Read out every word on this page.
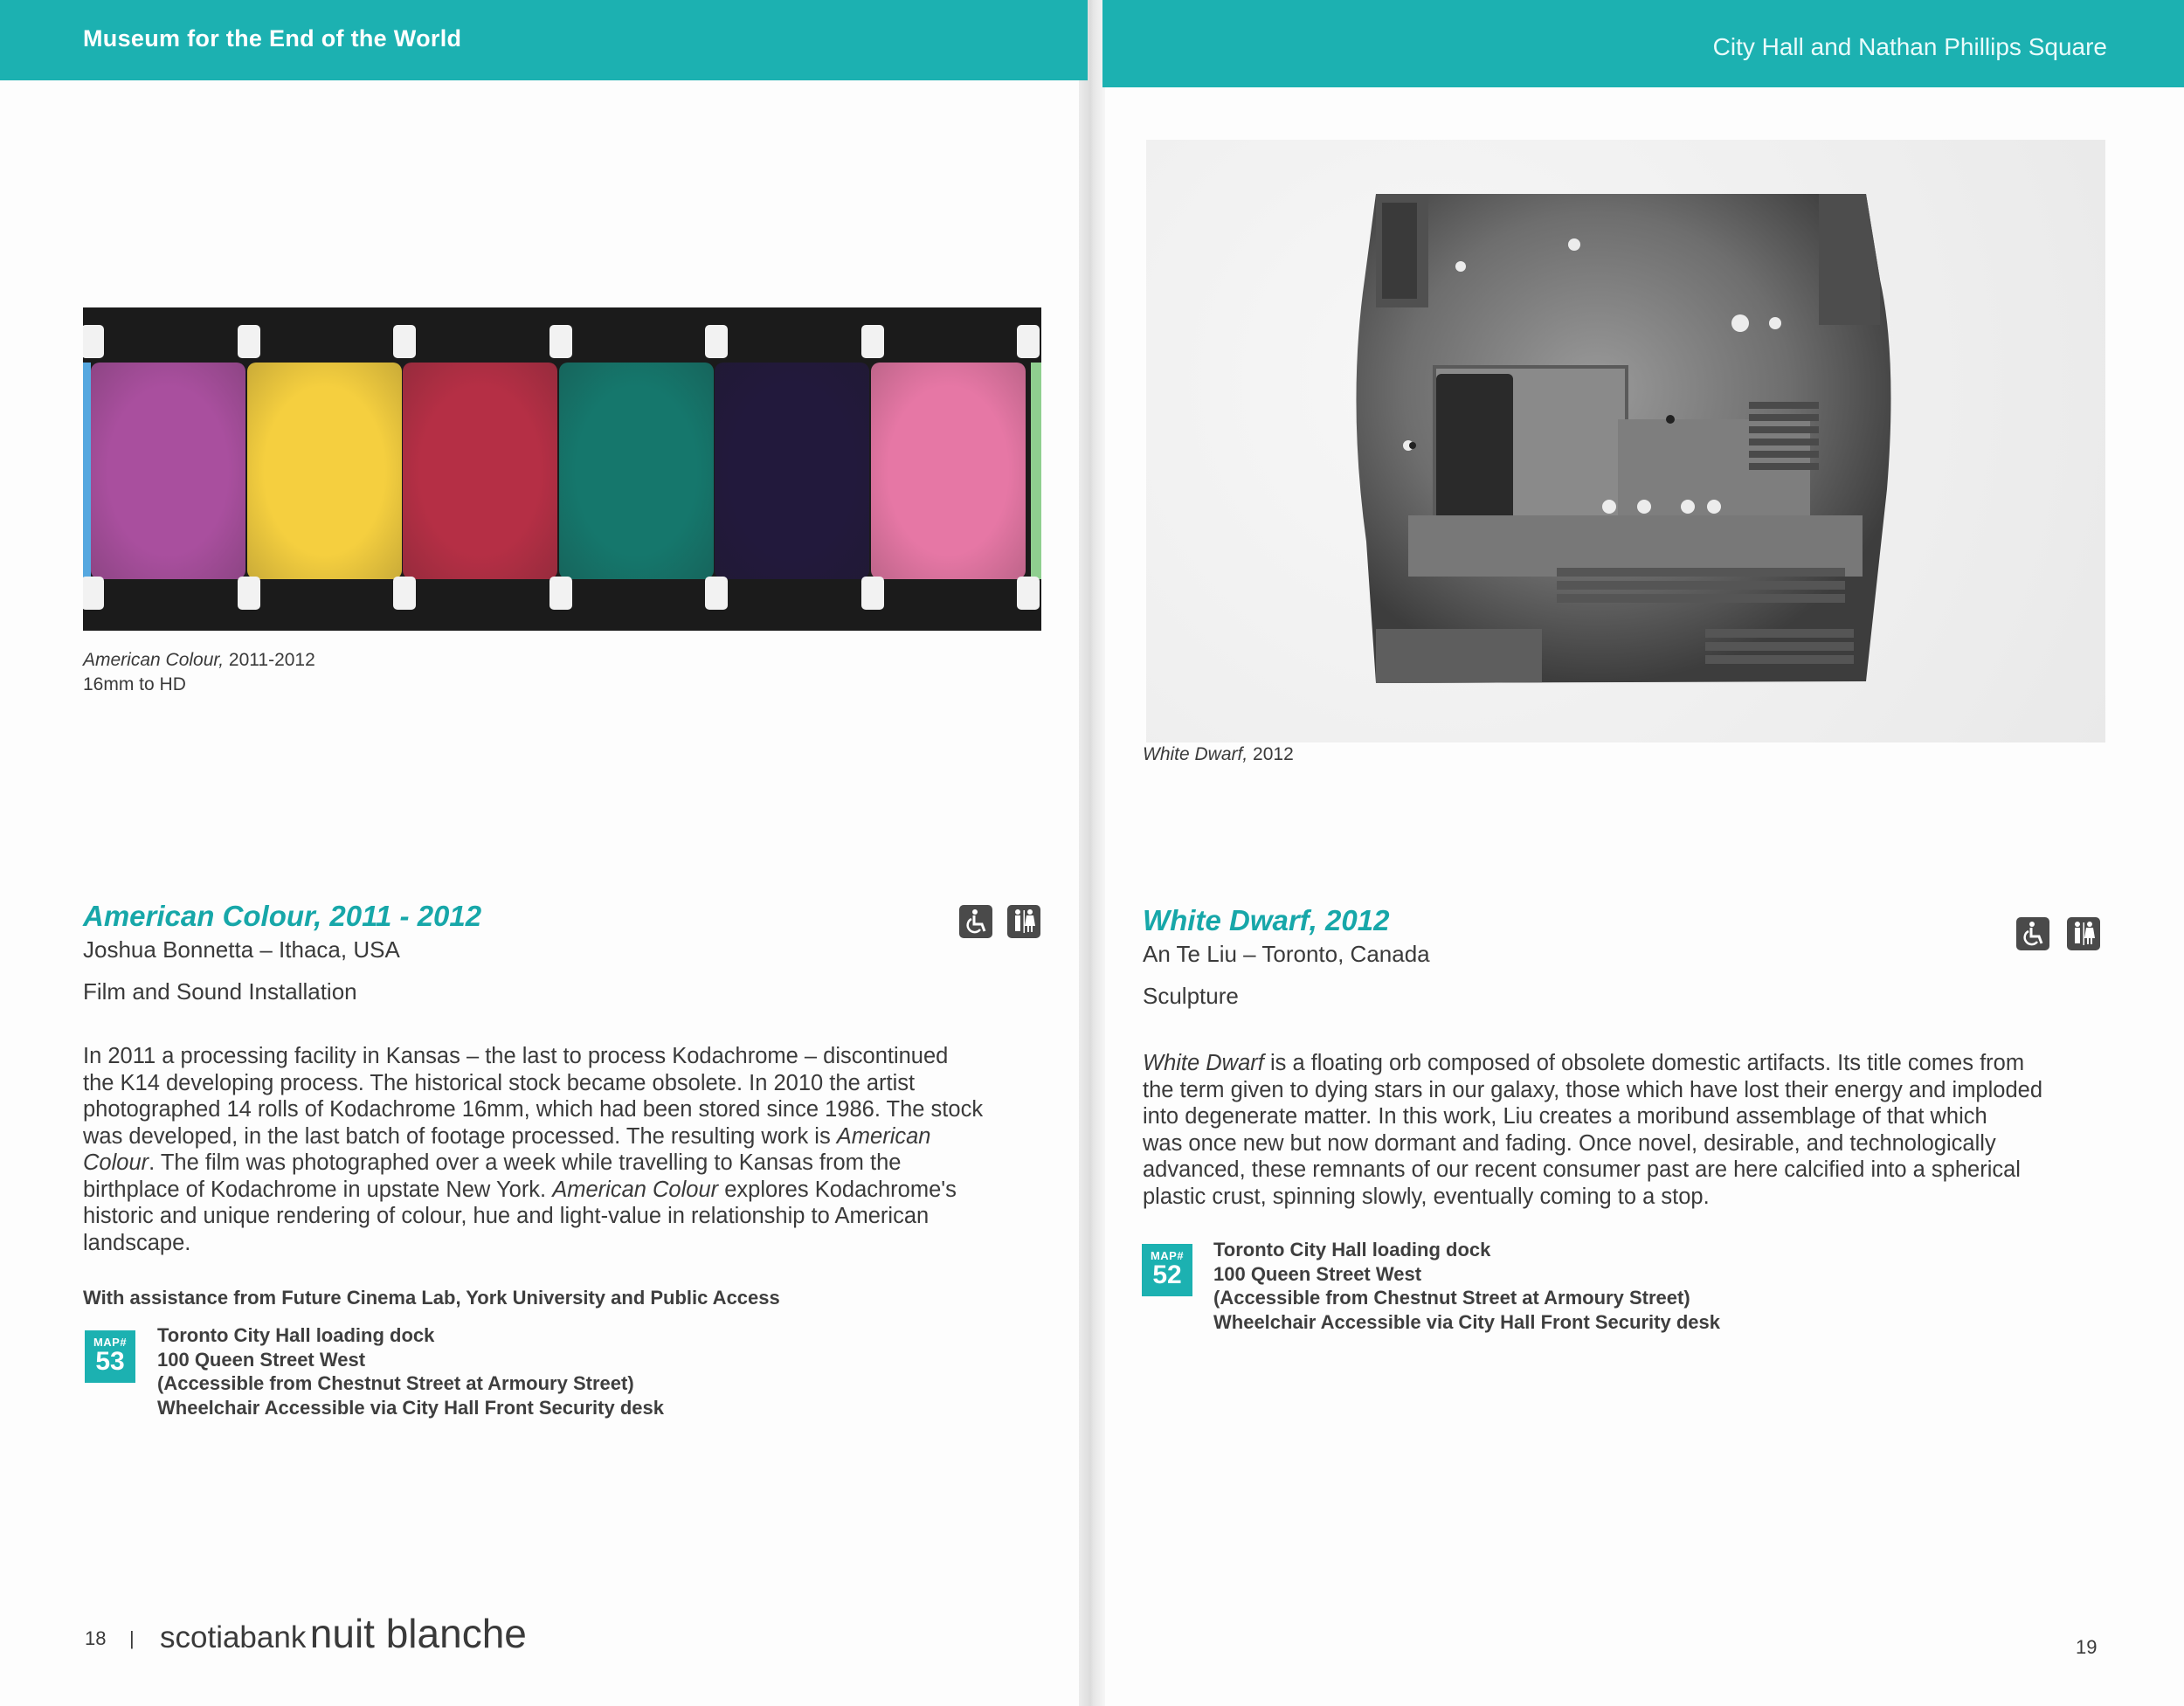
Museum for the End of the World	City Hall and Nathan Phillips Square
American Colour, 2011-2012
16mm to HD
American Colour, 2011 - 2012
Joshua Bonnetta – Ithaca, USA
Film and Sound Installation
In 2011 a processing facility in Kansas – the last to process Kodachrome – discontinued
the K14 developing process. The historical stock became obsolete. In 2010 the artist
photographed 14 rolls of Kodachrome 16mm, which had been stored since 1986. The stock
was developed, in the last batch of footage processed. The resulting work is American
Colour. The film was photographed over a week while travelling to Kansas from the
birthplace of Kodachrome in upstate New York. American Colour explores Kodachrome's
historic and unique rendering of colour, hue and light-value in relationship to American
landscape.
With assistance from Future Cinema Lab, York University and Public Access
MAP#
53
Toronto City Hall loading dock
100 Queen Street West
(Accessible from Chestnut Street at Armoury Street)
Wheelchair Accessible via City Hall Front Security desk
18 | scotiabank nuit blanche
White Dwarf, 2012
White Dwarf, 2012
An Te Liu – Toronto, Canada
Sculpture
White Dwarf is a floating orb composed of obsolete domestic artifacts. Its title comes from
the term given to dying stars in our galaxy, those which have lost their energy and imploded
into degenerate matter. In this work, Liu creates a moribund assemblage of that which
was once new but now dormant and fading. Once novel, desirable, and technologically
advanced, these remnants of our recent consumer past are here calcified into a spherical
plastic crust, spinning slowly, eventually coming to a stop.
MAP#
52
Toronto City Hall loading dock
100 Queen Street West
(Accessible from Chestnut Street at Armoury Street)
Wheelchair Accessible via City Hall Front Security desk
19
